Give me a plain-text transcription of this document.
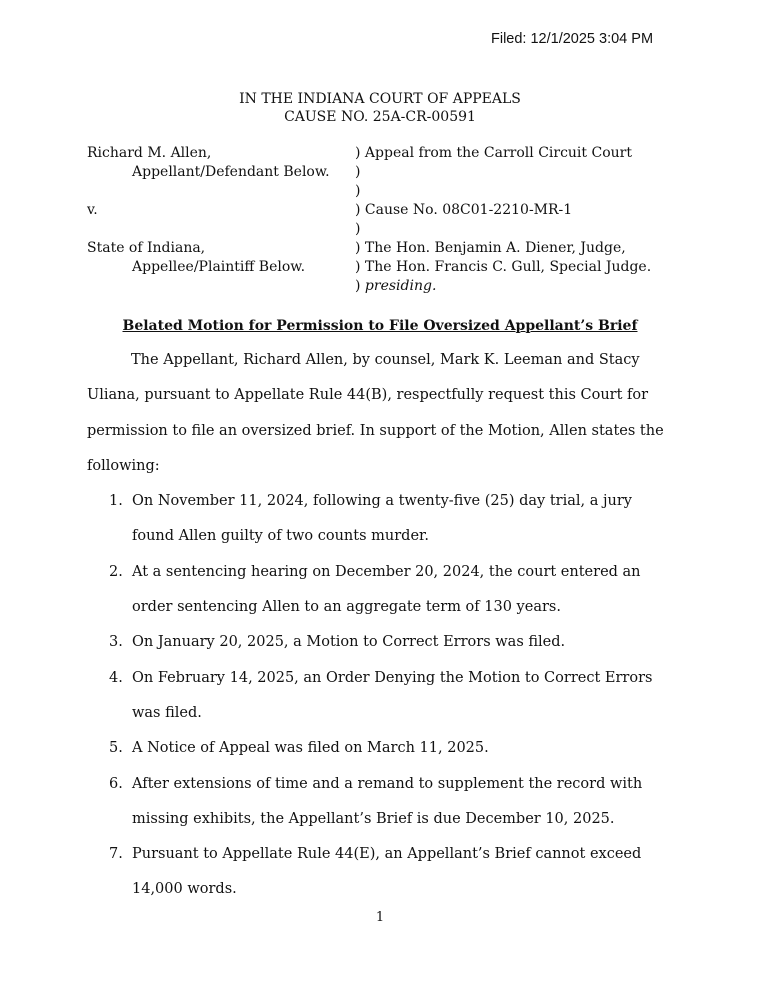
Filed: 12/1/2025 3:04 PM
IN THE INDIANA COURT OF APPEALS
CAUSE NO. 25A-CR-00591
Richard M. Allen,
Appellant/Defendant Below.
v.
State of Indiana,
Appellee/Plaintiff Below.
) Appeal from the Carroll Circuit Court
)
)
) Cause No. 08C01-2210-MR-1
)
) The Hon. Benjamin A. Diener, Judge,
) The Hon. Francis C. Gull, Special Judge.
) presiding.
Belated Motion for Permission to File Oversized Appellant’s Brief

The Appellant, Richard Allen, by counsel, Mark K. Leeman and Stacy Uliana, pursuant to Appellate Rule 44(B), respectfully request this Court for permission to file an oversized brief. In support of the Motion, Allen states the following:

1. On November 11, 2024, following a twenty-five (25) day trial, a jury found Allen guilty of two counts murder.
2. At a sentencing hearing on December 20, 2024, the court entered an order sentencing Allen to an aggregate term of 130 years.
3. On January 20, 2025, a Motion to Correct Errors was filed.
4. On February 14, 2025, an Order Denying the Motion to Correct Errors was filed.
5. A Notice of Appeal was filed on March 11, 2025.
6. After extensions of time and a remand to supplement the record with missing exhibits, the Appellant’s Brief is due December 10, 2025.
7. Pursuant to Appellate Rule 44(E), an Appellant’s Brief cannot exceed 14,000 words.
1
